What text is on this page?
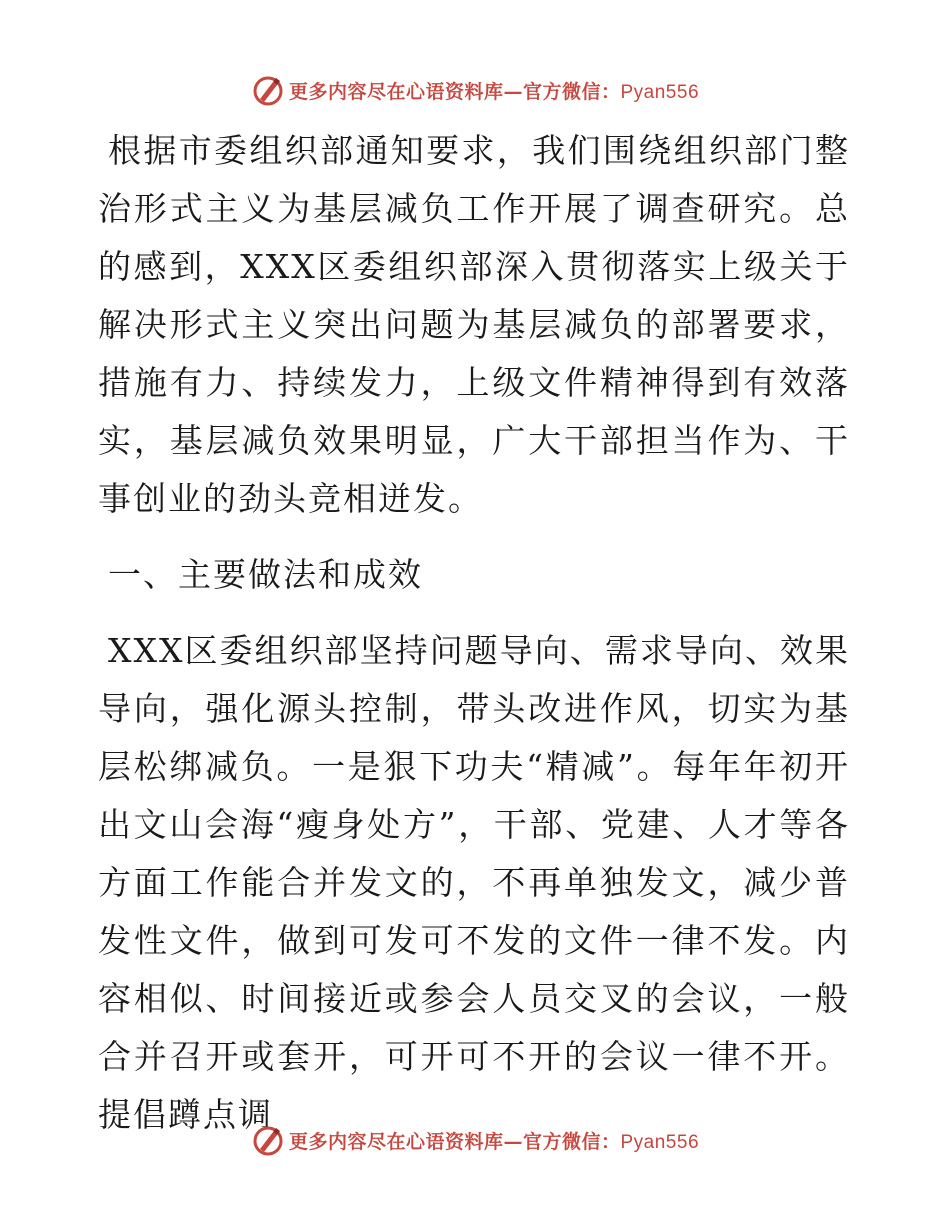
更多内容尽在心语资料库—官方微信：Pyan556

根据市委组织部通知要求，我们围绕组织部门整治形式主义为基层减负工作开展了调查研究。总的感到，XXX区委组织部深入贯彻落实上级关于解决形式主义突出问题为基层减负的部署要求，措施有力、持续发力，上级文件精神得到有效落实，基层减负效果明显，广大干部担当作为、干事创业的劲头竞相迸发。

一、主要做法和成效

XXX区委组织部坚持问题导向、需求导向、效果导向，强化源头控制，带头改进作风，切实为基层松绑减负。一是狠下功夫“精减”。每年年初开出文山会海“瘦身处方”，干部、党建、人才等各方面工作能合并发文的，不再单独发文，减少普发性文件，做到可发可不发的文件一律不发。内容相似、时间接近或参会人员交叉的会议，一般合并召开或套开，可开可不开的会议一律不开。提倡蹲点调

更多内容尽在心语资料库—官方微信：Pyan556
